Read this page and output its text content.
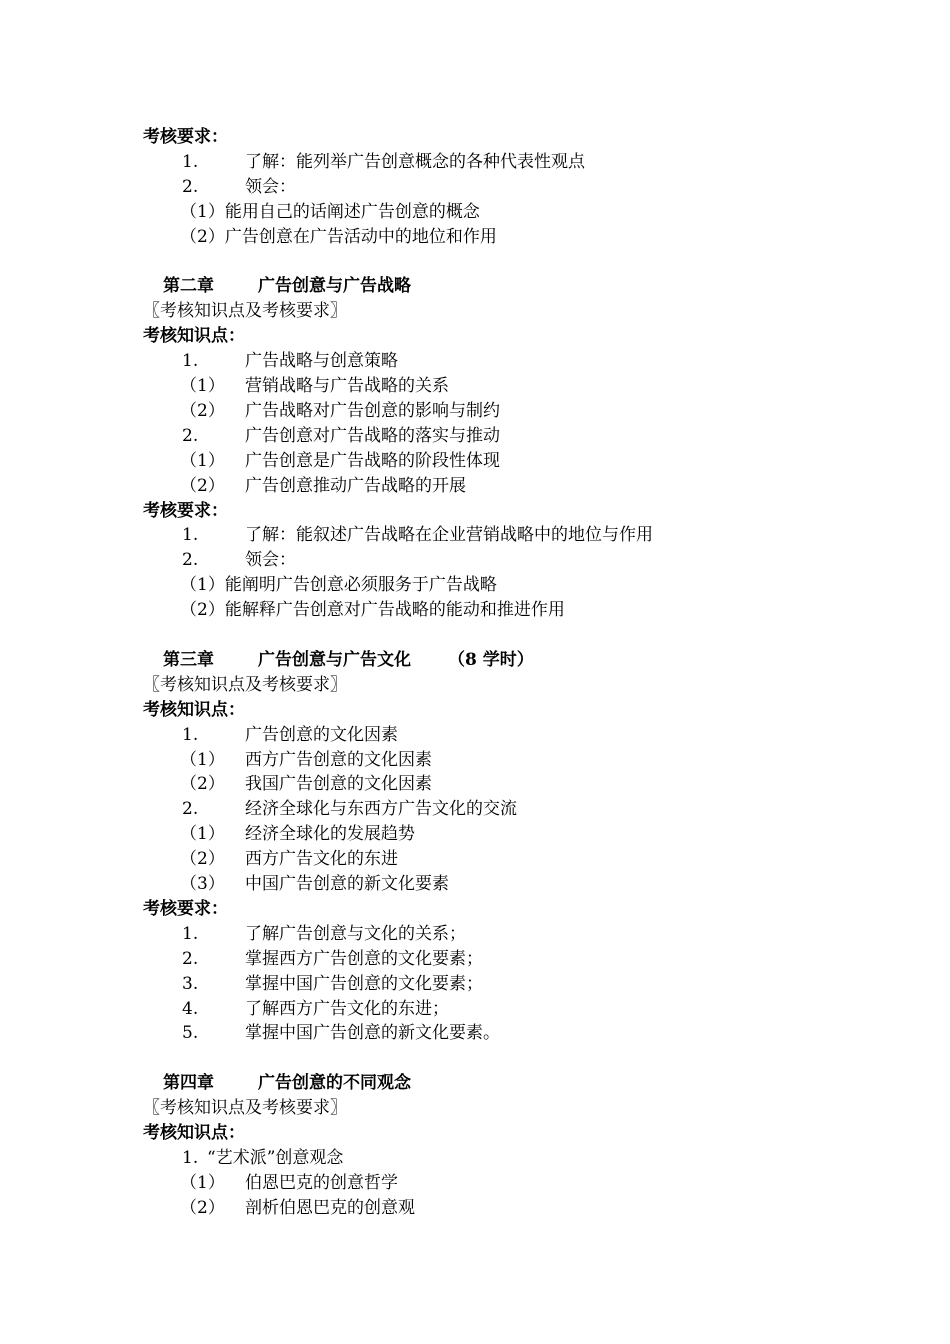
考核要求：
1.	了解：能列举广告创意概念的各种代表性观点
2.	领会：
（1）能用自己的话阐述广告创意的概念
（2）广告创意在广告活动中的地位和作用
第二章	广告创意与广告战略
〖考核知识点及考核要求〗
考核知识点：
1.	广告战略与创意策略
（1） 营销战略与广告战略的关系
（2） 广告战略对广告创意的影响与制约
2.	广告创意对广告战略的落实与推动
（1） 广告创意是广告战略的阶段性体现
（2） 广告创意推动广告战略的开展
考核要求：
1.	了解：能叙述广告战略在企业营销战略中的地位与作用
2.	领会：
（1）能阐明广告创意必须服务于广告战略
（2）能解释广告创意对广告战略的能动和推进作用
第三章	广告创意与广告文化 （8 学时）
〖考核知识点及考核要求〗
考核知识点：
1.	广告创意的文化因素
（1） 西方广告创意的文化因素
（2） 我国广告创意的文化因素
2.	经济全球化与东西方广告文化的交流
（1） 经济全球化的发展趋势
（2） 西方广告文化的东进
（3） 中国广告创意的新文化要素
考核要求：
1.	了解广告创意与文化的关系；
2.	掌握西方广告创意的文化要素；
3.	掌握中国广告创意的文化要素；
4.	了解西方广告文化的东进；
5.	掌握中国广告创意的新文化要素。
第四章	广告创意的不同观念
〖考核知识点及考核要求〗
考核知识点：
1. “艺术派”创意观念
（1） 伯恩巴克的创意哲学
（2） 剖析伯恩巴克的创意观
